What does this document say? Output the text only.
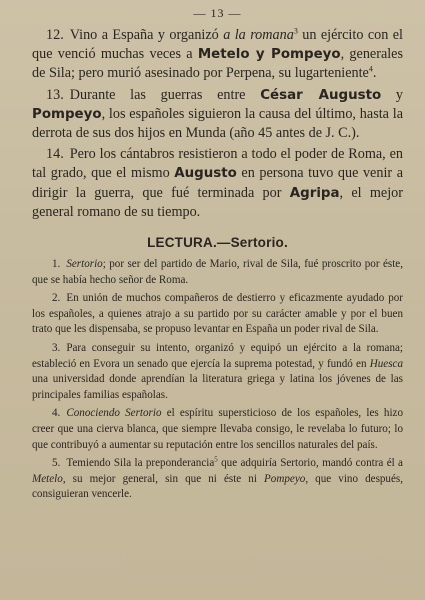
— 13 —

12. Vino a España y organizó a la romana$^3$ un ejército con el que venció muchas veces a Metelo y Pompeyo, generales de Sila; pero murió asesinado por Perpena, su lugarteniente$^4$.

13. Durante las guerras entre César Augusto y Pompeyo, los españoles siguieron la causa del último, hasta la derrota de sus dos hijos en Munda (año 45 antes de J. C.).

14. Pero los cántabros resistieron a todo el poder de Roma, en tal grado, que el mismo Augusto en persona tuvo que venir a dirigir la guerra, que fué terminada por Agripa, el mejor general romano de su tiempo.

LECTURA.—Sertorio.

1. Sertorio; por ser del partido de Mario, rival de Sila, fué proscrito por éste, que se había hecho señor de Roma.

2. En unión de muchos compañeros de destierro y eficazmente ayudado por los españoles, a quienes atrajo a su partido por su carácter amable y por el buen trato que les dispensaba, se propuso levantar en España un poder rival de Sila.

3. Para conseguir su intento, organizó y equipó un ejército a la romana; estableció en Evora un senado que ejercía la suprema potestad, y fundó en Huesca una universidad donde aprendían la literatura griega y latina los jóvenes de las principales familias españolas.

4. Conociendo Sertorio el espíritu supersticioso de los españoles, les hizo creer que una cierva blanca, que siempre llevaba consigo, le revelaba lo futuro; lo que contribuyó a aumentar su reputación entre los sencillos naturales del país.

5. Temiendo Sila la preponderancia$^5$ que adquiría Sertorio, mandó contra él a Metelo, su mejor general, sin que ni éste ni Pompeyo, que vino después, consiguieran vencerle.
